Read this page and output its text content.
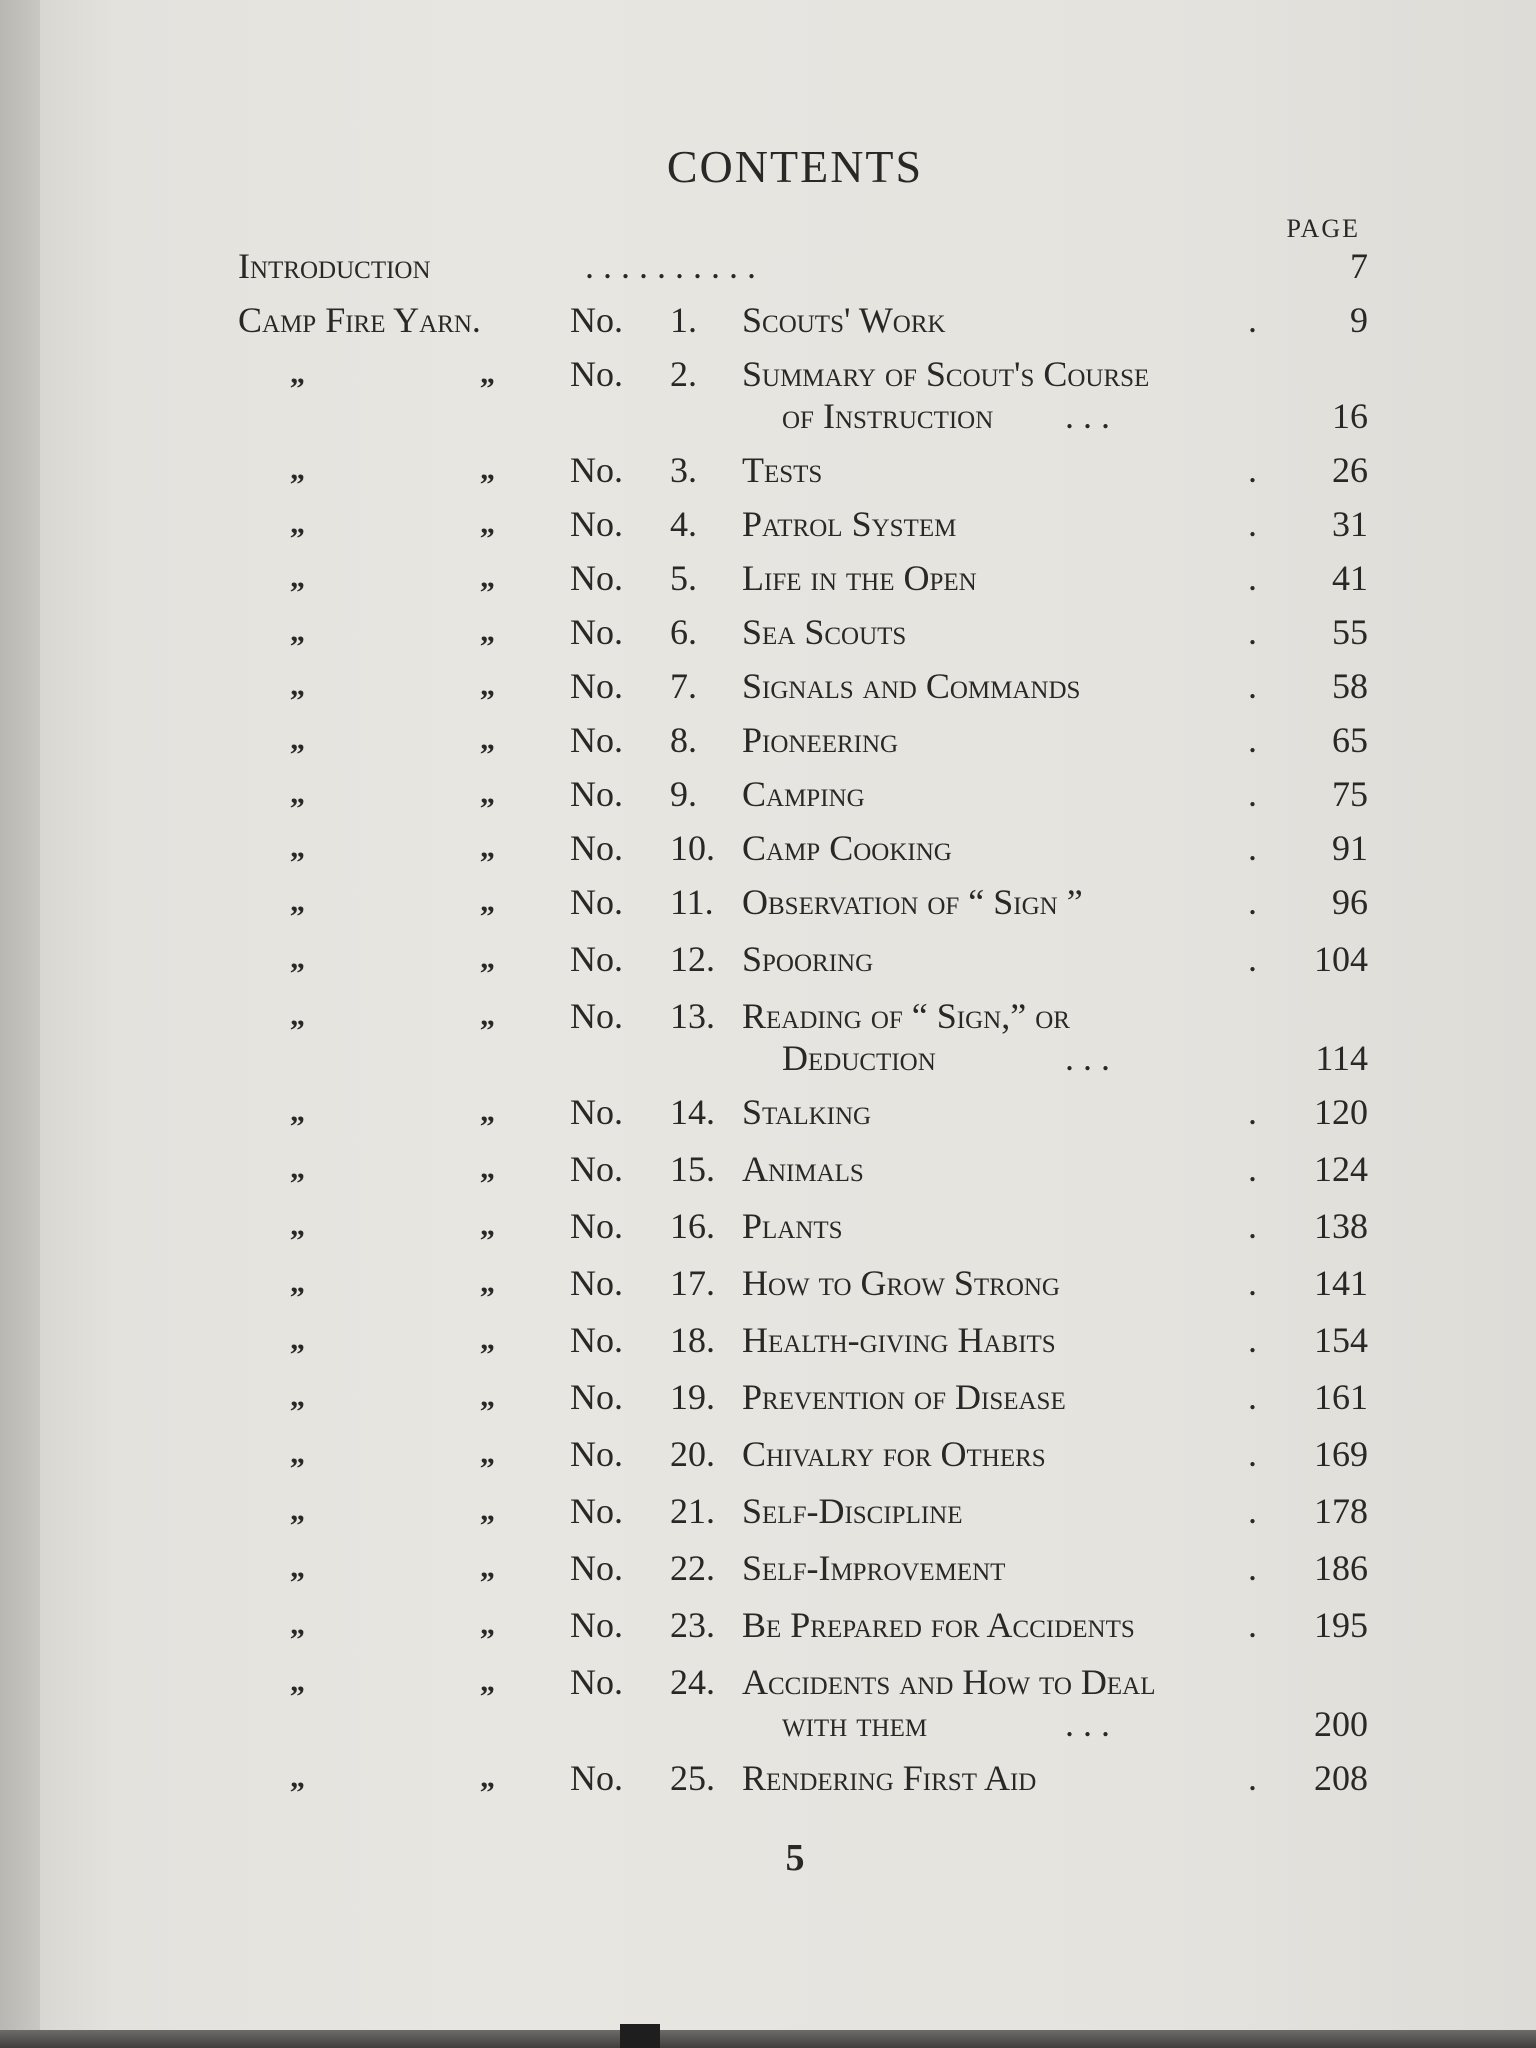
CONTENTS
PAGE
Introduction	. . . . . . . . . .	7
Camp Fire Yarn. No. 1. Scouts' Work	.	9
„	„ No. 2. Summary of Scout's Course
of Instruction . . .	16
„	„ No. 3. Tests	.	26
„	„ No. 4. Patrol System	.	31
„	„ No. 5. Life in the Open	.	41
„	„ No. 6. Sea Scouts	.	55
„	„ No. 7. Signals and Commands	.	58
„	„ No. 8. Pioneering	.	65
„	„ No. 9. Camping	.	75
„	„ No. 10. Camp Cooking	.	91
„	„ No. 11. Observation of “ Sign ”	.	96
„	„ No. 12. Spooring	.	104
„	„ No. 13. Reading of “ Sign,” or
Deduction	. . .	114
„	„ No. 14. Stalking	.	120
„	„ No. 15. Animals	.	124
„	„ No. 16. Plants	.	138
„	„ No. 17. How to Grow Strong	.	141
„	„ No. 18. Health-giving Habits	.	154
„	„ No. 19. Prevention of Disease	.	161
„	„ No. 20. Chivalry for Others	.	169
„	„ No. 21. Self-Discipline	.	178
„	„ No. 22. Self-Improvement	.	186
„	„ No. 23. Be Prepared for Accidents	.	195
„	„ No. 24. Accidents and How to Deal
with them	. . .	200
„	„ No. 25. Rendering First Aid	.	208
5
